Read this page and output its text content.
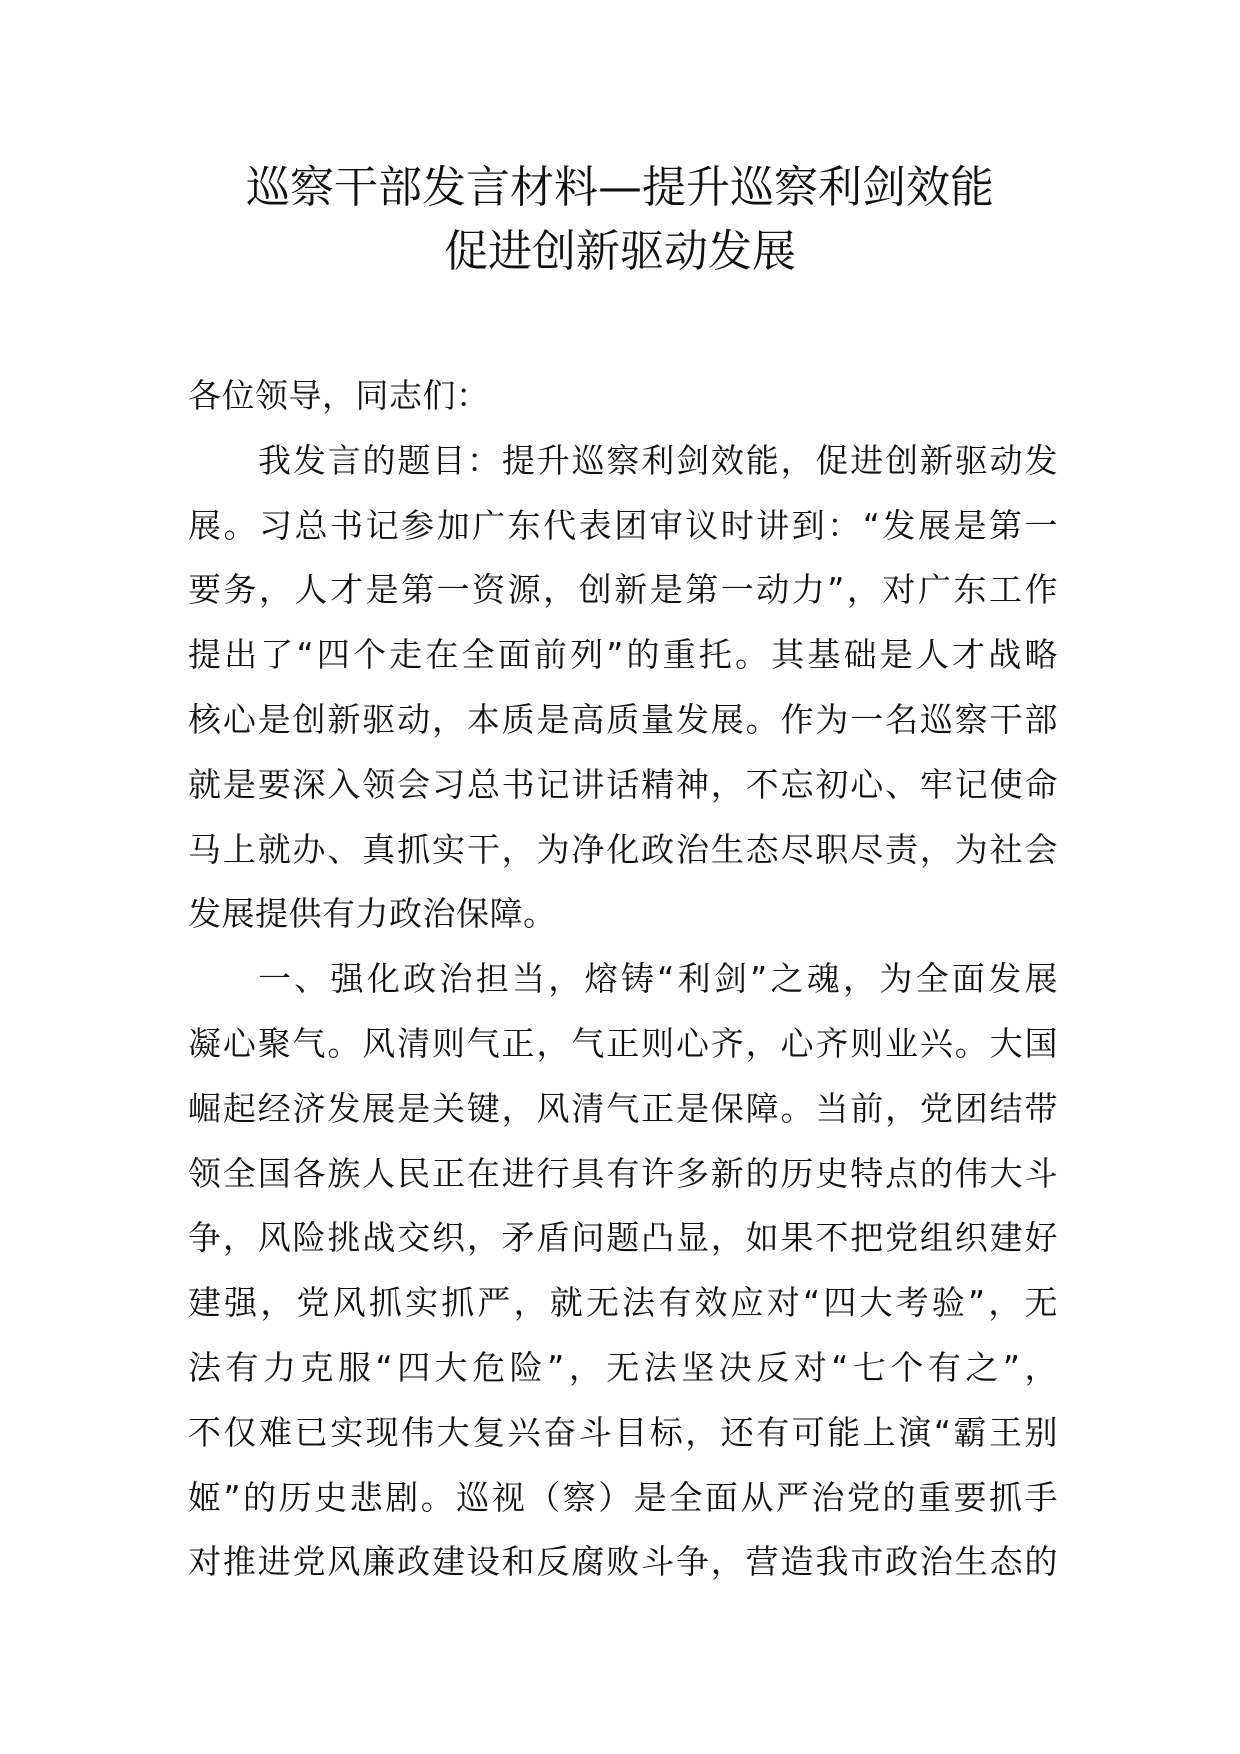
巡察干部发言材料—提升巡察利剑效能
促进创新驱动发展
各位领导，同志们：
我发言的题目：提升巡察利剑效能，促进创新驱动发
展。习总书记参加广东代表团审议时讲到：“发展是第一
要务，人才是第一资源，创新是第一动力”，对广东工作
提出了“四个走在全面前列”的重托。其基础是人才战略
核心是创新驱动，本质是高质量发展。作为一名巡察干部
就是要深入领会习总书记讲话精神，不忘初心、牢记使命
马上就办、真抓实干，为净化政治生态尽职尽责，为社会
发展提供有力政治保障。
一、强化政治担当，熔铸“利剑”之魂，为全面发展
凝心聚气。风清则气正，气正则心齐，心齐则业兴。大国
崛起经济发展是关键，风清气正是保障。当前，党团结带
领全国各族人民正在进行具有许多新的历史特点的伟大斗
争，风险挑战交织，矛盾问题凸显，如果不把党组织建好
建强，党风抓实抓严，就无法有效应对“四大考验”，无
法有力克服“四大危险”，无法坚决反对“七个有之”，
不仅难已实现伟大复兴奋斗目标，还有可能上演“霸王别
姬”的历史悲剧。巡视（察）是全面从严治党的重要抓手
对推进党风廉政建设和反腐败斗争，营造我市政治生态的
